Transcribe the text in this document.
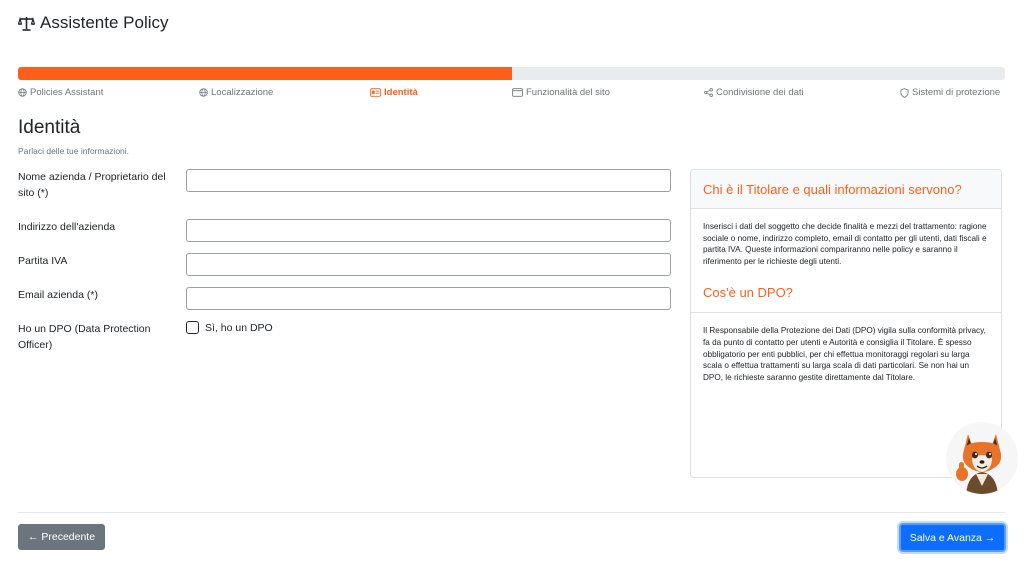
Assistente Policy
Policies Assistant	Localizzazione	Identità	Funzionalità del sito	Condivisione dei dati	Sistemi di protezione
Identità

Parlaci delle tue informazioni.

Nome azienda / Proprietario del sito (*)
Indirizzo dell'azienda
Partita IVA
Email azienda (*)
Ho un DPO (Data Protection Officer)
Sì, ho un DPO
Chi è il Titolare e quali informazioni servono?
Inserisci i dati del soggetto che decide finalità e mezzi del trattamento: ragione sociale o nome, indirizzo completo, email di contatto per gli utenti, dati fiscali e partita IVA. Queste informazioni compariranno nelle policy e saranno il riferimento per le richieste degli utenti.
Cos'è un DPO?
Il Responsabile della Protezione dei Dati (DPO) vigila sulla conformità privacy, fa da punto di contatto per utenti e Autorità e consiglia il Titolare. È spesso obbligatorio per enti pubblici, per chi effettua monitoraggi regolari su larga scala o effettua trattamenti su larga scala di dati particolari. Se non hai un DPO, le richieste saranno gestite direttamente dal Titolare.
← Precedente	Salva e Avanza →
